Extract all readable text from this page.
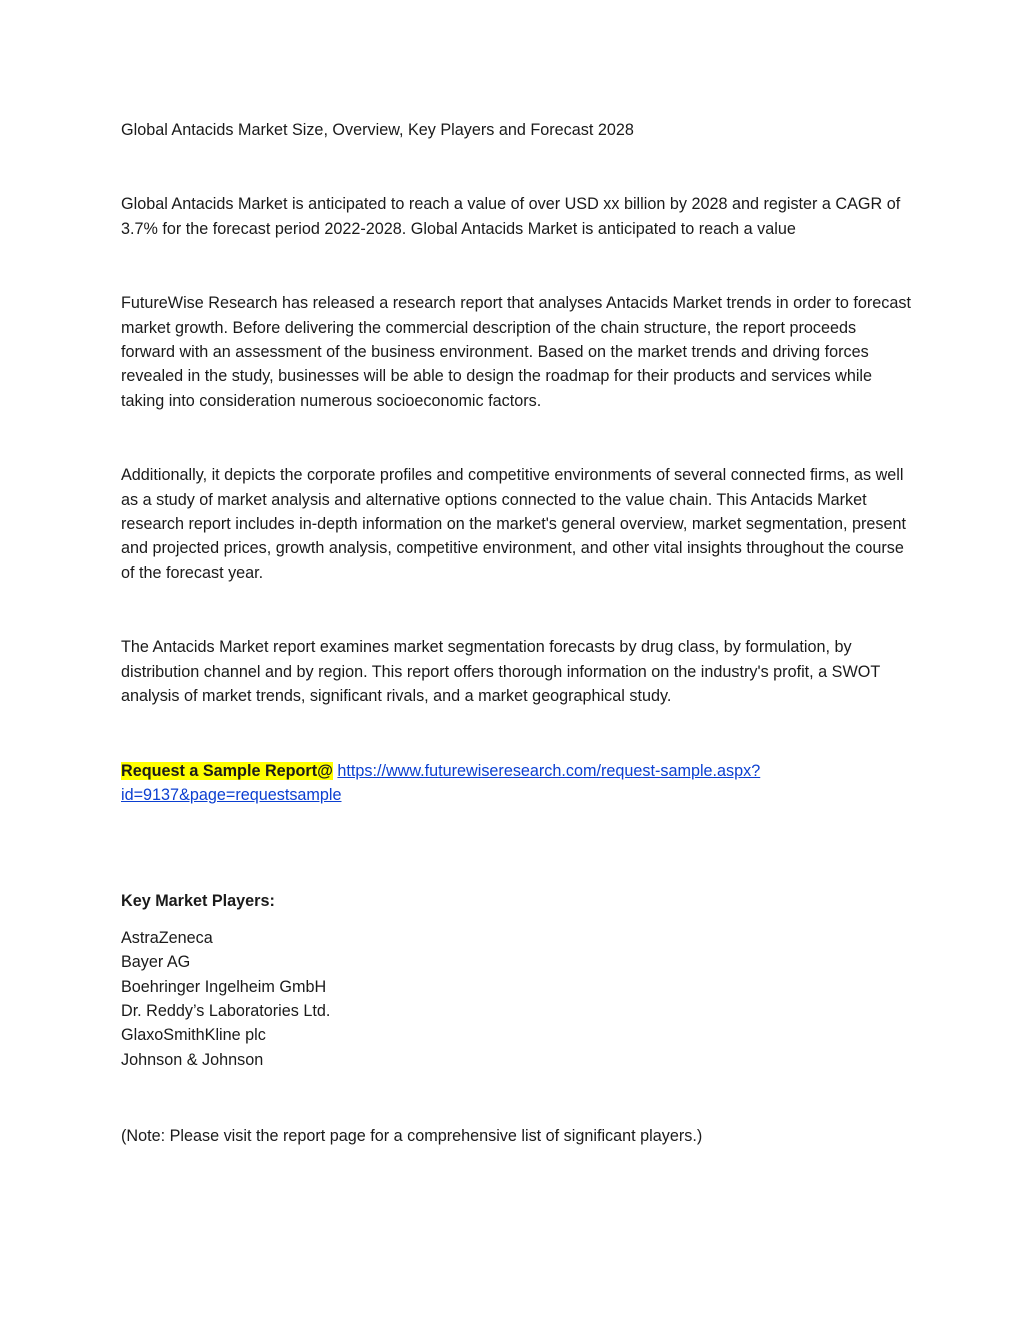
Global Antacids Market Size, Overview, Key Players and Forecast 2028

Global Antacids Market is anticipated to reach a value of over USD xx billion by 2028 and register a CAGR of 3.7% for the forecast period 2022-2028. Global Antacids Market is anticipated to reach a value

FutureWise Research has released a research report that analyses Antacids Market trends in order to forecast market growth. Before delivering the commercial description of the chain structure, the report proceeds forward with an assessment of the business environment. Based on the market trends and driving forces revealed in the study, businesses will be able to design the roadmap for their products and services while taking into consideration numerous socioeconomic factors.

Additionally, it depicts the corporate profiles and competitive environments of several connected firms, as well as a study of market analysis and alternative options connected to the value chain. This Antacids Market research report includes in-depth information on the market's general overview, market segmentation, present and projected prices, growth analysis, competitive environment, and other vital insights throughout the course of the forecast year.

The Antacids Market report examines market segmentation forecasts by drug class, by formulation, by distribution channel and by region. This report offers thorough information on the industry's profit, a SWOT analysis of market trends, significant rivals, and a market geographical study.

Request a Sample Report@ https://www.futurewiseresearch.com/request-sample.aspx?id=9137&page=requestsample

Key Market Players:

AstraZeneca
Bayer AG
Boehringer Ingelheim GmbH
Dr. Reddy’s Laboratories Ltd.
GlaxoSmithKline plc
Johnson & Johnson

(Note: Please visit the report page for a comprehensive list of significant players.)
